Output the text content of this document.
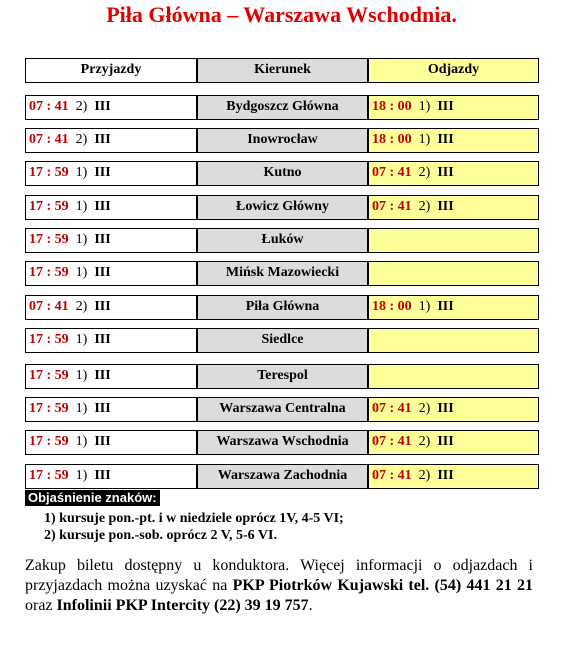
Piła Główna – Warszawa Wschodnia.
Przyjazdy	Kierunek	Odjazdy
07 : 41 2) III	Bydgoszcz Główna	18 : 00 1) III
07 : 41 2) III	Inowrocław	18 : 00 1) III
17 : 59 1) III	Kutno	07 : 41 2) III
17 : 59 1) III	Łowicz Główny	07 : 41 2) III
17 : 59 1) III	Łuków
17 : 59 1) III	Mińsk Mazowiecki
07 : 41 2) III	Piła Główna	18 : 00 1) III
17 : 59 1) III	Siedlce
17 : 59 1) III	Terespol
17 : 59 1) III	Warszawa Centralna	07 : 41 2) III
17 : 59 1) III	Warszawa Wschodnia	07 : 41 2) III
17 : 59 1) III	Warszawa Zachodnia	07 : 41 2) III
Objaśnienie znaków:
1) kursuje pon.-pt. i w niedziele oprócz 1V, 4-5 VI;
2) kursuje pon.-sob. oprócz 2 V, 5-6 VI.
Zakup biletu dostępny u konduktora. Więcej informacji o odjazdach i przyjazdach można uzyskać na PKP Piotrków Kujawski tel. (54) 441 21 21 oraz Infolinii PKP Intercity (22) 39 19 757.
